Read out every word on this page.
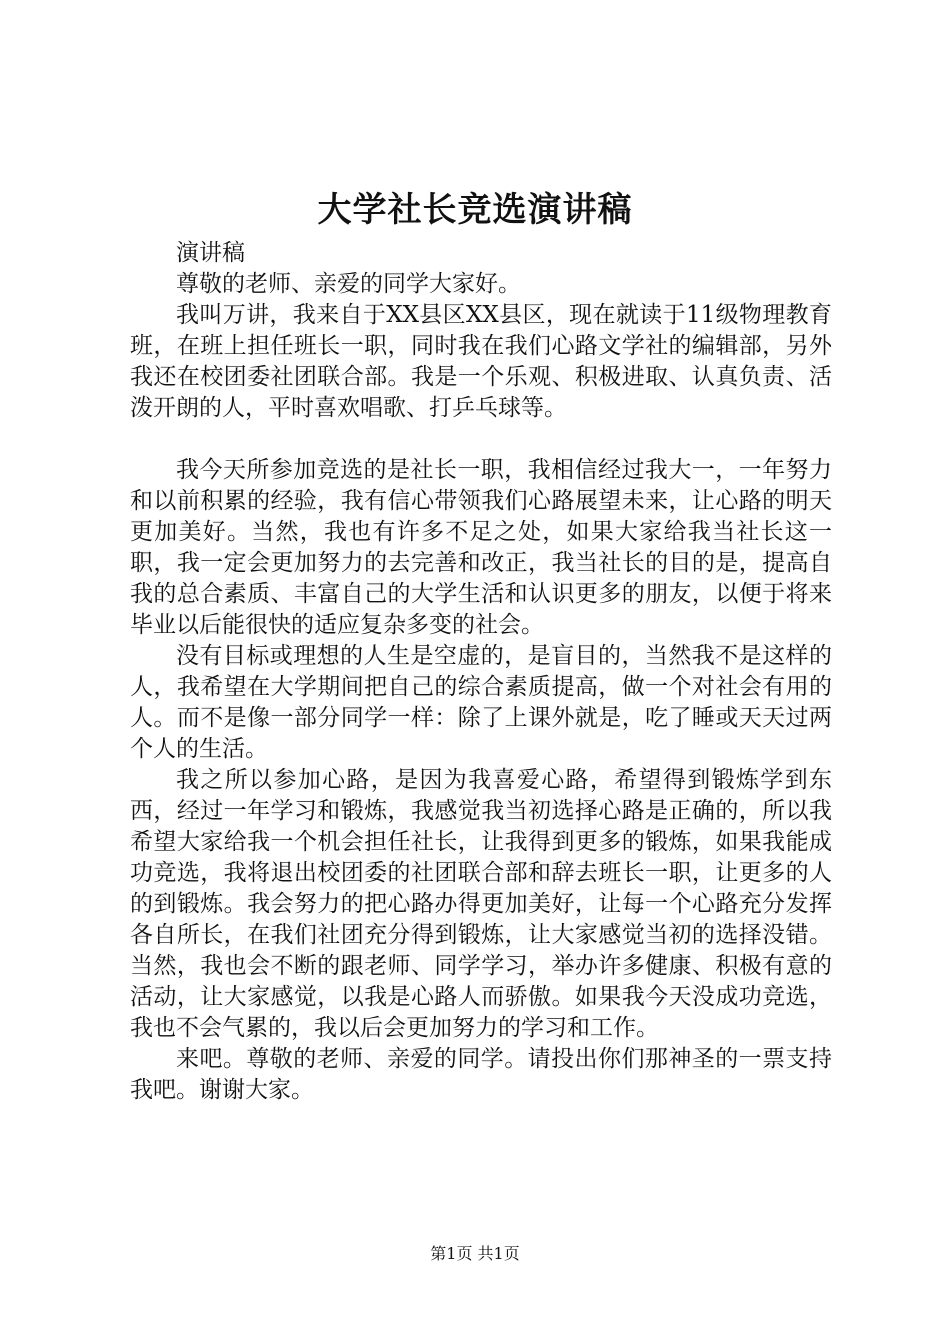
大学社长竞选演讲稿

演讲稿

尊敬的老师、亲爱的同学大家好。

我叫万讲，我来自于XX县区XX县区，现在就读于11级物理教育班，在班上担任班长一职，同时我在我们心路文学社的编辑部，另外我还在校团委社团联合部。我是一个乐观、积极进取、认真负责、活泼开朗的人，平时喜欢唱歌、打乒乓球等。

我今天所参加竞选的是社长一职，我相信经过我大一，一年努力和以前积累的经验，我有信心带领我们心路展望未来，让心路的明天更加美好。当然，我也有许多不足之处，如果大家给我当社长这一职，我一定会更加努力的去完善和改正，我当社长的目的是，提高自我的总合素质、丰富自己的大学生活和认识更多的朋友，以便于将来毕业以后能很快的适应复杂多变的社会。

没有目标或理想的人生是空虚的，是盲目的，当然我不是这样的人，我希望在大学期间把自己的综合素质提高，做一个对社会有用的人。而不是像一部分同学一样：除了上课外就是，吃了睡或天天过两个人的生活。

我之所以参加心路，是因为我喜爱心路，希望得到锻炼学到东西，经过一年学习和锻炼，我感觉我当初选择心路是正确的，所以我希望大家给我一个机会担任社长，让我得到更多的锻炼，如果我能成功竞选，我将退出校团委的社团联合部和辞去班长一职，让更多的人的到锻炼。我会努力的把心路办得更加美好，让每一个心路充分发挥各自所长，在我们社团充分得到锻炼，让大家感觉当初的选择没错。当然，我也会不断的跟老师、同学学习，举办许多健康、积极有意的活动，让大家感觉，以我是心路人而骄傲。如果我今天没成功竞选，我也不会气累的，我以后会更加努力的学习和工作。

来吧。尊敬的老师、亲爱的同学。请投出你们那神圣的一票支持我吧。谢谢大家。

第1页 共1页
